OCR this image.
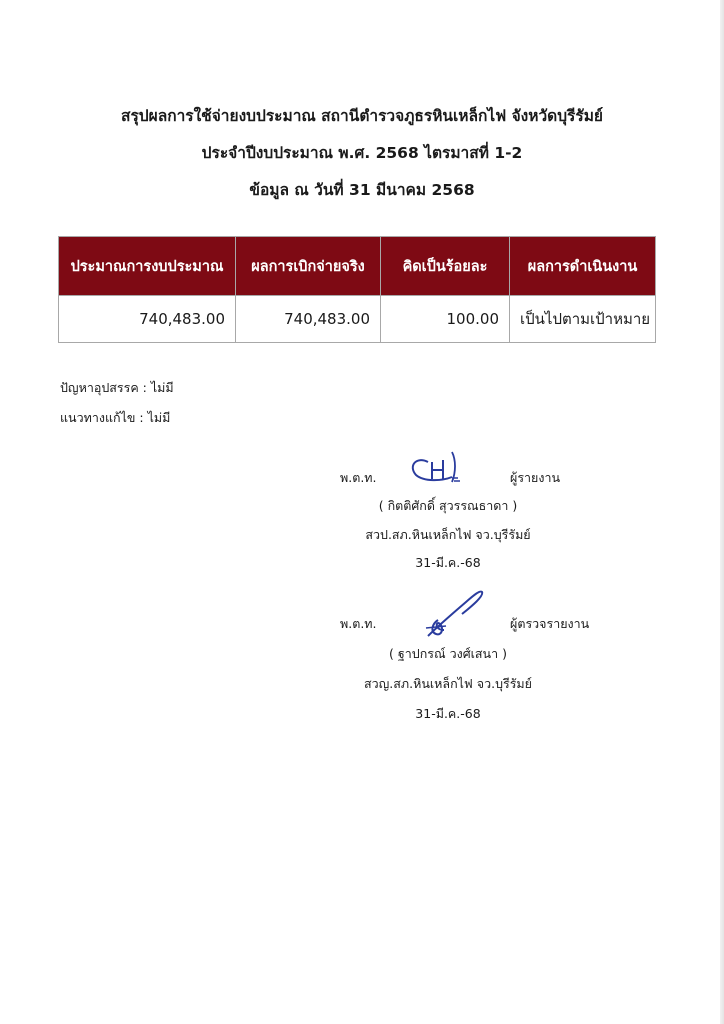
สรุปผลการใช้จ่ายงบประมาณ สถานีตำรวจภูธรหินเหล็กไฟ จังหวัดบุรีรัมย์
ประจำปีงบประมาณ พ.ศ. 2568 ไตรมาสที่ 1-2
ข้อมูล ณ วันที่ 31 มีนาคม 2568
ประมาณการงบประมาณ	ผลการเบิกจ่ายจริง	คิดเป็นร้อยละ	ผลการดำเนินงาน
740,483.00	740,483.00	100.00	เป็นไปตามเป้าหมาย
ปัญหาอุปสรรค : ไม่มี
แนวทางแก้ไข : ไม่มี
พ.ต.ท.	ผู้รายงาน
( กิตติศักดิ์ สุวรรณธาดา )
สวป.สภ.หินเหล็กไฟ จว.บุรีรัมย์
31-มี.ค.-68
พ.ต.ท.	ผู้ตรวจรายงาน
( ฐาปกรณ์ วงศ์เสนา )
สวญ.สภ.หินเหล็กไฟ จว.บุรีรัมย์
31-มี.ค.-68
